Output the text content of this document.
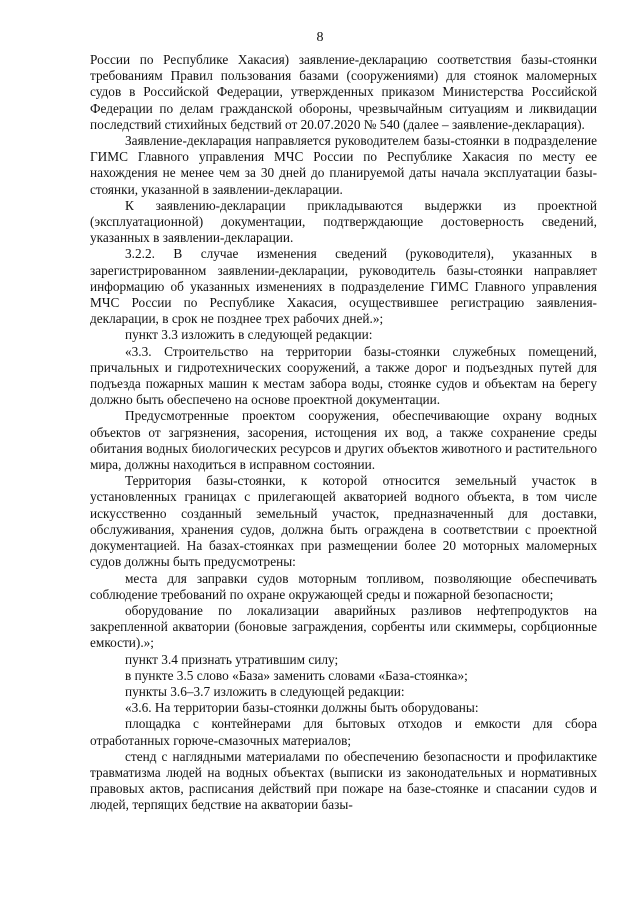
8

России по Республике Хакасия) заявление-декларацию соответствия базы-стоянки требованиям Правил пользования базами (сооружениями) для стоянок маломерных судов в Российской Федерации, утвержденных приказом Министерства Российской Федерации по делам гражданской обороны, чрезвычайным ситуациям и ликвидации последствий стихийных бедствий от 20.07.2020 № 540 (далее – заявление-декларация).

Заявление-декларация направляется руководителем базы-стоянки в подразделение ГИМС Главного управления МЧС России по Республике Хакасия по месту ее нахождения не менее чем за 30 дней до планируемой даты начала эксплуатации базы-стоянки, указанной в заявлении-декларации.

К заявлению-декларации прикладываются выдержки из проектной (эксплуатационной) документации, подтверждающие достоверность сведений, указанных в заявлении-декларации.

3.2.2. В случае изменения сведений (руководителя), указанных в зарегистрированном заявлении-декларации, руководитель базы-стоянки направляет информацию об указанных изменениях в подразделение ГИМС Главного управления МЧС России по Республике Хакасия, осуществившее регистрацию заявления-декларации, в срок не позднее трех рабочих дней.»;

пункт 3.3 изложить в следующей редакции:

«3.3. Строительство на территории базы-стоянки служебных помещений, причальных и гидротехнических сооружений, а также дорог и подъездных путей для подъезда пожарных машин к местам забора воды, стоянке судов и объектам на берегу должно быть обеспечено на основе проектной документации.

Предусмотренные проектом сооружения, обеспечивающие охрану водных объектов от загрязнения, засорения, истощения их вод, а также сохранение среды обитания водных биологических ресурсов и других объектов животного и растительного мира, должны находиться в исправном состоянии.

Территория базы-стоянки, к которой относится земельный участок в установленных границах с прилегающей акваторией водного объекта, в том числе искусственно созданный земельный участок, предназначенный для доставки, обслуживания, хранения судов, должна быть ограждена в соответствии с проектной документацией. На базах-стоянках при размещении более 20 моторных маломерных судов должны быть предусмотрены:

места для заправки судов моторным топливом, позволяющие обеспечивать соблюдение требований по охране окружающей среды и пожарной безопасности;

оборудование по локализации аварийных разливов нефтепродуктов на закрепленной акватории (боновые заграждения, сорбенты или скиммеры, сорбционные емкости).»;

пункт 3.4 признать утратившим силу;

в пункте 3.5 слово «База» заменить словами «База-стоянка»;

пункты 3.6–3.7 изложить в следующей редакции:

«3.6. На территории базы-стоянки должны быть оборудованы:

площадка с контейнерами для бытовых отходов и емкости для сбора отработанных горюче-смазочных материалов;

стенд с наглядными материалами по обеспечению безопасности и профилактике травматизма людей на водных объектах (выписки из законодательных и нормативных правовых актов, расписания действий при пожаре на базе-стоянке и спасании судов и людей, терпящих бедствие на акватории базы-
